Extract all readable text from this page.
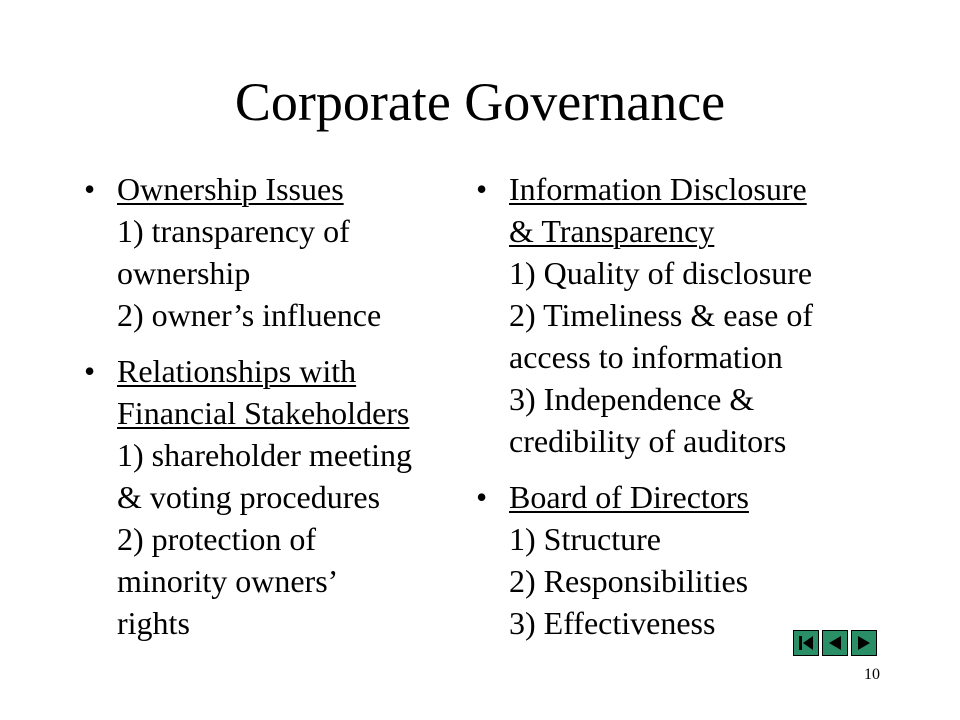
Corporate Governance
• Ownership Issues
1) transparency of
ownership
2) owner’s influence
• Relationships with
Financial Stakeholders
1) shareholder meeting
& voting procedures
2) protection of
minority owners’
rights
• Information Disclosure
& Transparency
1) Quality of disclosure
2) Timeliness & ease of
access to information
3) Independence &
credibility of auditors
• Board of Directors
1) Structure
2) Responsibilities
3) Effectiveness
10
